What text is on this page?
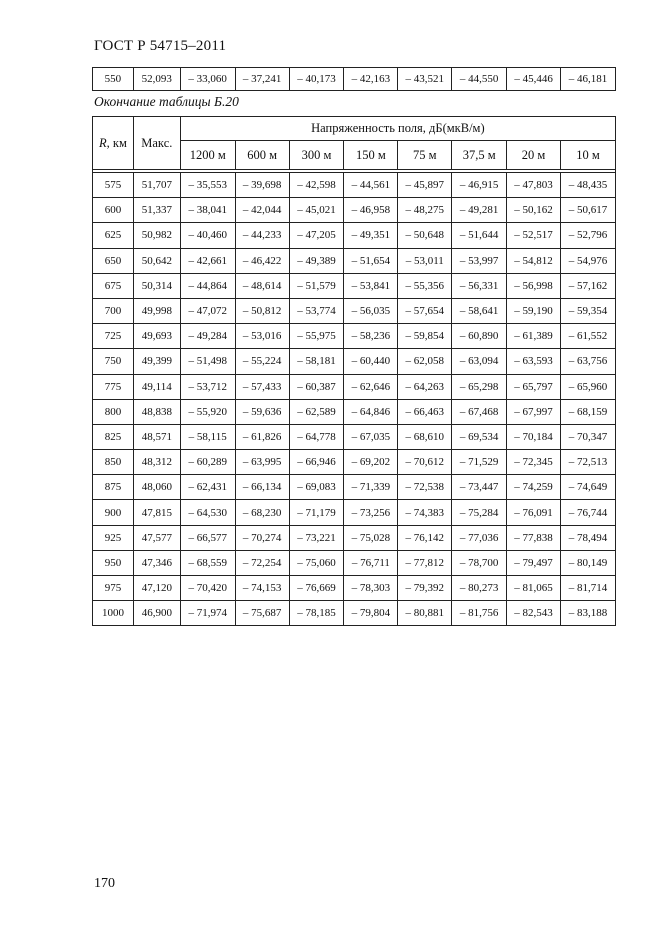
ГОСТ Р 54715–2011
550	52,093	– 33,060	– 37,241	– 40,173	– 42,163	– 43,521	– 44,550	– 45,446	– 46,181
Окончание таблицы Б.20
R, км	Макс.	Напряженность поля, дБ(мкВ/м)							
		1200 м	600 м	300 м	150 м	75 м	37,5 м	20 м	10 м

575	51,707	– 35,553	– 39,698	– 42,598	– 44,561	– 45,897	– 46,915	– 47,803	– 48,435
600	51,337	– 38,041	– 42,044	– 45,021	– 46,958	– 48,275	– 49,281	– 50,162	– 50,617
625	50,982	– 40,460	– 44,233	– 47,205	– 49,351	– 50,648	– 51,644	– 52,517	– 52,796
650	50,642	– 42,661	– 46,422	– 49,389	– 51,654	– 53,011	– 53,997	– 54,812	– 54,976
675	50,314	– 44,864	– 48,614	– 51,579	– 53,841	– 55,356	– 56,331	– 56,998	– 57,162
700	49,998	– 47,072	– 50,812	– 53,774	– 56,035	– 57,654	– 58,641	– 59,190	– 59,354
725	49,693	– 49,284	– 53,016	– 55,975	– 58,236	– 59,854	– 60,890	– 61,389	– 61,552
750	49,399	– 51,498	– 55,224	– 58,181	– 60,440	– 62,058	– 63,094	– 63,593	– 63,756
775	49,114	– 53,712	– 57,433	– 60,387	– 62,646	– 64,263	– 65,298	– 65,797	– 65,960
800	48,838	– 55,920	– 59,636	– 62,589	– 64,846	– 66,463	– 67,468	– 67,997	– 68,159
825	48,571	– 58,115	– 61,826	– 64,778	– 67,035	– 68,610	– 69,534	– 70,184	– 70,347
850	48,312	– 60,289	– 63,995	– 66,946	– 69,202	– 70,612	– 71,529	– 72,345	– 72,513
875	48,060	– 62,431	– 66,134	– 69,083	– 71,339	– 72,538	– 73,447	– 74,259	– 74,649
900	47,815	– 64,530	– 68,230	– 71,179	– 73,256	– 74,383	– 75,284	– 76,091	– 76,744
925	47,577	– 66,577	– 70,274	– 73,221	– 75,028	– 76,142	– 77,036	– 77,838	– 78,494
950	47,346	– 68,559	– 72,254	– 75,060	– 76,711	– 77,812	– 78,700	– 79,497	– 80,149
975	47,120	– 70,420	– 74,153	– 76,669	– 78,303	– 79,392	– 80,273	– 81,065	– 81,714
1000	46,900	– 71,974	– 75,687	– 78,185	– 79,804	– 80,881	– 81,756	– 82,543	– 83,188
170
